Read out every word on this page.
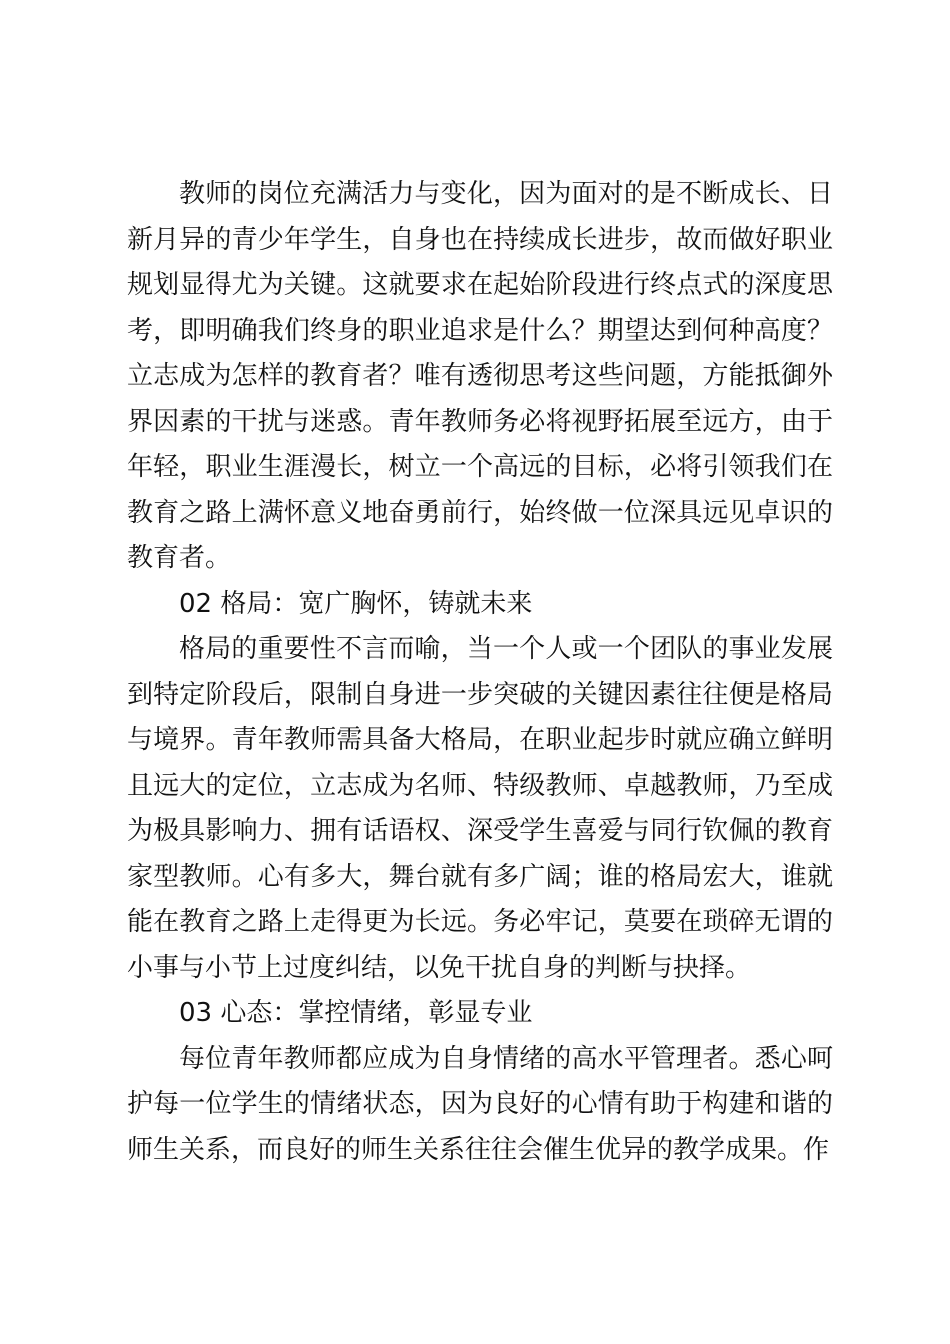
教师的岗位充满活力与变化，因为面对的是不断成长、日新月异的青少年学生，自身也在持续成长进步，故而做好职业规划显得尤为关键。这就要求在起始阶段进行终点式的深度思考，即明确我们终身的职业追求是什么？期望达到何种高度？立志成为怎样的教育者？唯有透彻思考这些问题，方能抵御外界因素的干扰与迷惑。青年教师务必将视野拓展至远方，由于年轻，职业生涯漫长，树立一个高远的目标，必将引领我们在教育之路上满怀意义地奋勇前行，始终做一位深具远见卓识的教育者。

02 格局：宽广胸怀，铸就未来

格局的重要性不言而喻，当一个人或一个团队的事业发展到特定阶段后，限制自身进一步突破的关键因素往往便是格局与境界。青年教师需具备大格局，在职业起步时就应确立鲜明且远大的定位，立志成为名师、特级教师、卓越教师，乃至成为极具影响力、拥有话语权、深受学生喜爱与同行钦佩的教育家型教师。心有多大，舞台就有多广阔；谁的格局宏大，谁就能在教育之路上走得更为长远。务必牢记，莫要在琐碎无谓的小事与小节上过度纠结，以免干扰自身的判断与抉择。

03 心态：掌控情绪，彰显专业

每位青年教师都应成为自身情绪的高水平管理者。悉心呵护每一位学生的情绪状态，因为良好的心情有助于构建和谐的师生关系，而良好的师生关系往往会催生优异的教学成果。作
